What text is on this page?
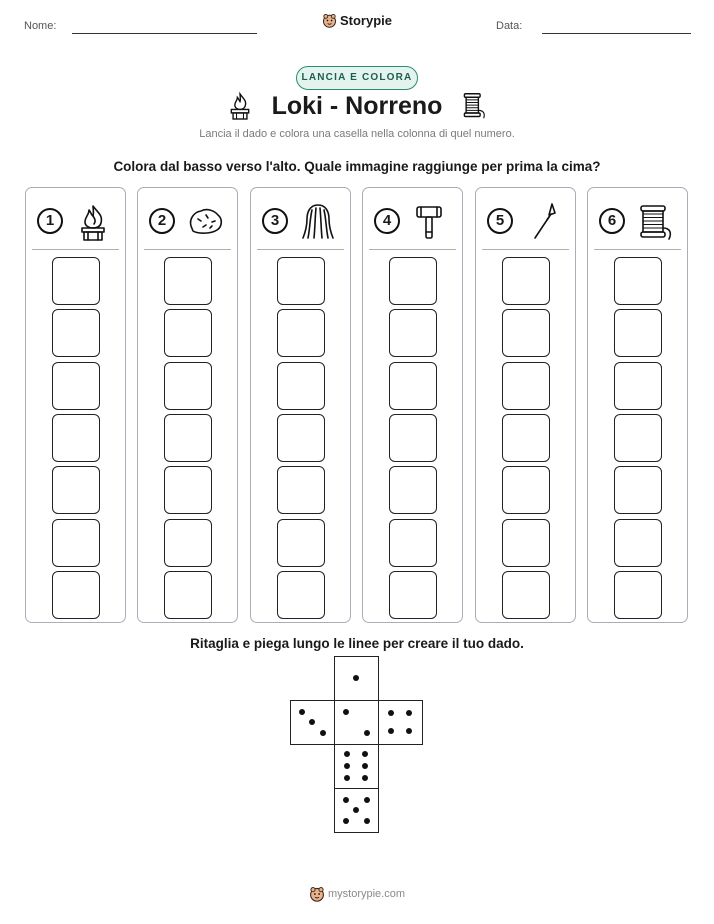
Nome:	Storypie	Data:
LANCIA E COLORA
Loki - Norreno
Lancia il dado e colora una casella nella colonna di quel numero.
Colora dal basso verso l'alto. Quale immagine raggiunge per prima la cima?
1	2	3	4	5	6
Ritaglia e piega lungo le linee per creare il tuo dado.
mystorypie.com
